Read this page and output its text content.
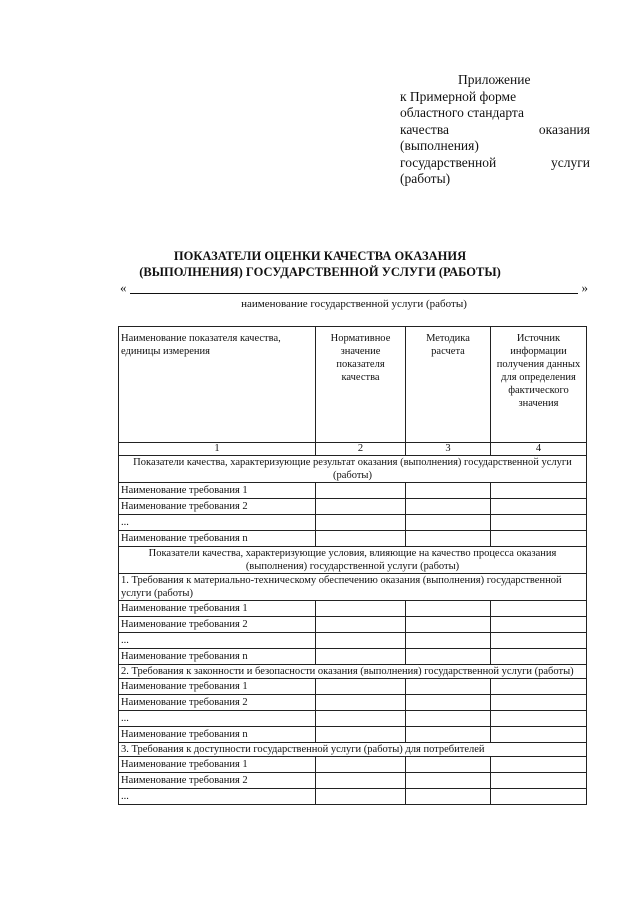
Приложение
к Примерной форме
областного стандарта
качества	оказания
(выполнения)
государственной	услуги
(работы)
ПОКАЗАТЕЛИ ОЦЕНКИ КАЧЕСТВА ОКАЗАНИЯ
(ВЫПОЛНЕНИЯ) ГОСУДАРСТВЕННОЙ УСЛУГИ (РАБОТЫ)
«	»
наименование государственной услуги (работы)
Наименование показателя качества, единицы измерения	Нормативное значение показателя качества	Методика расчета	Источник информации получения данных для определения фактического значения
1	2	3	4
Показатели качества, характеризующие результат оказания (выполнения) государственной услуги (работы)			
Наименование требования 1			
Наименование требования 2			
...			
Наименование требования n			
Показатели качества, характеризующие условия, влияющие на качество процесса оказания (выполнения) государственной услуги (работы)			
1. Требования к материально-техническому обеспечению оказания (выполнения) государственной услуги (работы)			
Наименование требования 1			
Наименование требования 2			
...			
Наименование требования n			
2. Требования к законности и безопасности оказания (выполнения) государственной услуги (работы)			
Наименование требования 1			
Наименование требования 2			
...			
Наименование требования n			
3. Требования к доступности государственной услуги (работы) для потребителей			
Наименование требования 1			
Наименование требования 2			
...			
